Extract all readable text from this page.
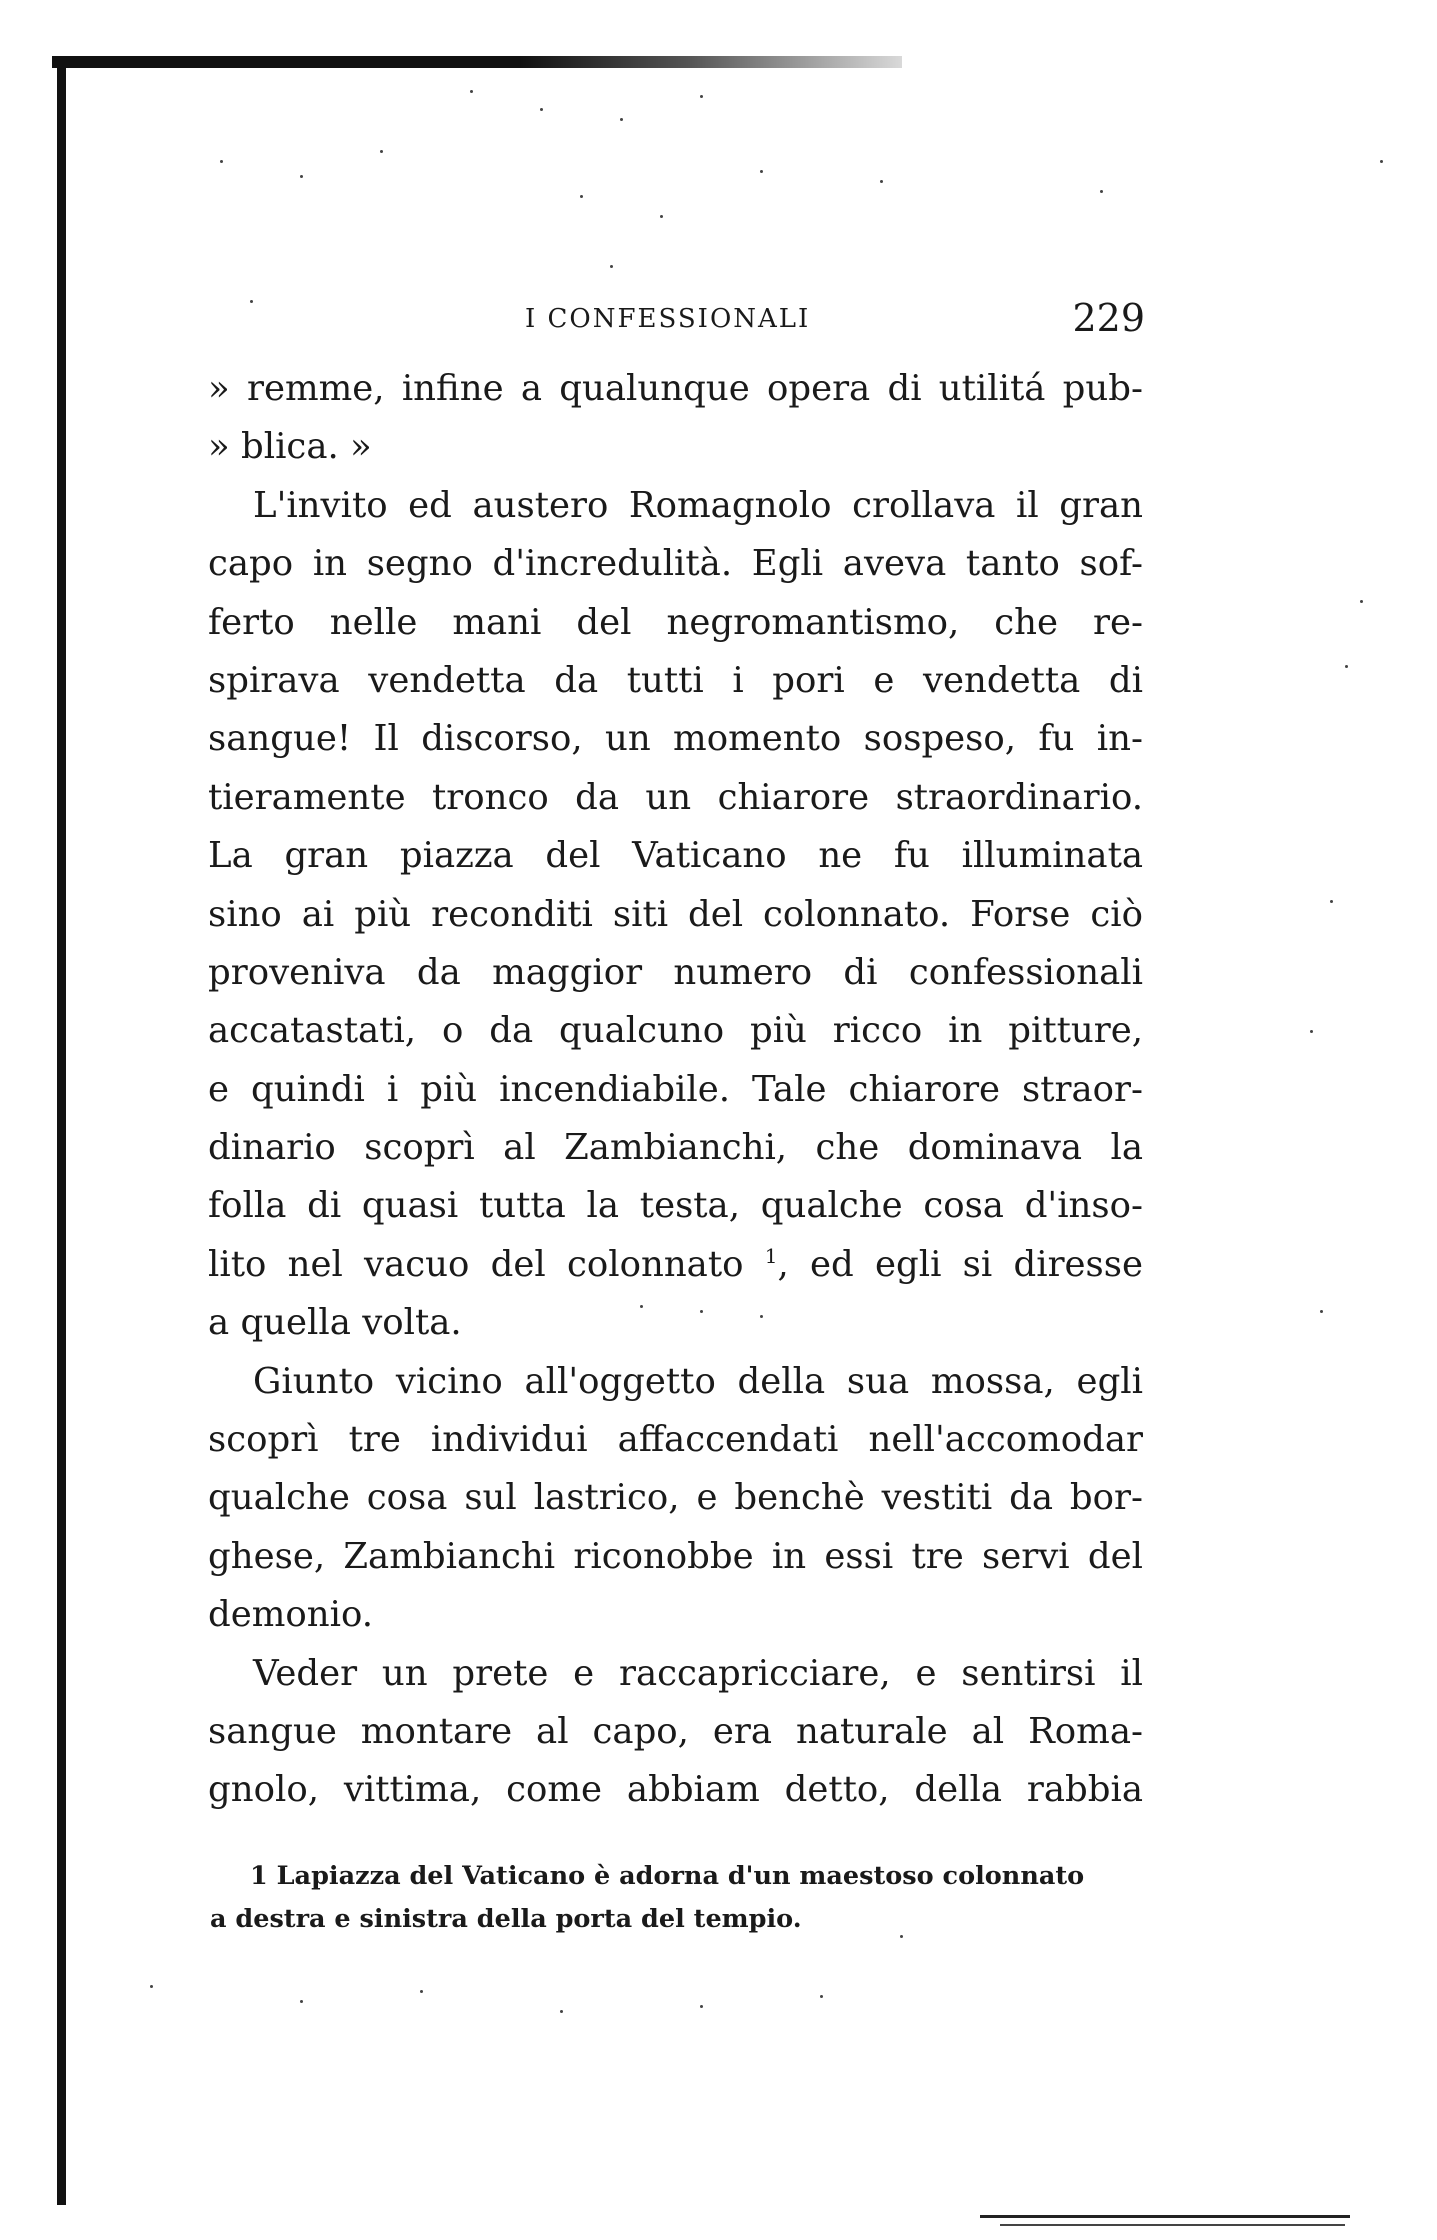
I CONFESSIONALI	229
» remme, infine a qualunque opera di utilitá pub-
» blica. »
L'invito ed austero Romagnolo crollava il gran
capo in segno d'incredulità. Egli aveva tanto sof-
ferto nelle mani del negromantismo, che re-
spirava vendetta da tutti i pori e vendetta di
sangue! Il discorso, un momento sospeso, fu in-
tieramente tronco da un chiarore straordinario.
La gran piazza del Vaticano ne fu illuminata
sino ai più reconditi siti del colonnato. Forse ciò
proveniva da maggior numero di confessionali
accatastati, o da qualcuno più ricco in pitture,
e quindi i più incendiabile. Tale chiarore straor-
dinario scoprì al Zambianchi, che dominava la
folla di quasi tutta la testa, qualche cosa d'inso-
lito nel vacuo del colonnato $^1$, ed egli si diresse
a quella volta.
Giunto vicino all'oggetto della sua mossa, egli
scoprì tre individui affaccendati nell'accomodar
qualche cosa sul lastrico, e benchè vestiti da bor-
ghese, Zambianchi riconobbe in essi tre servi del
demonio.
Veder un prete e raccapricciare, e sentirsi il
sangue montare al capo, era naturale al Roma-
gnolo, vittima, come abbiam detto, della rabbia
1 Lapiazza del Vaticano è adorna d'un maestoso colonnato
a destra e sinistra della porta del tempio.
